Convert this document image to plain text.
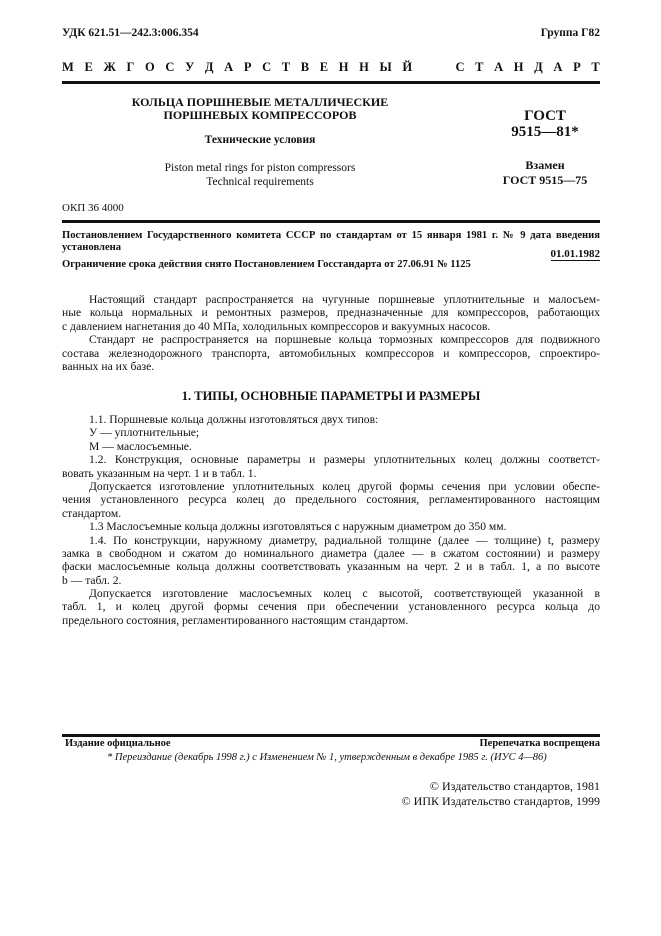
УДК 621.51—242.3:006.354	Группа Г82
М Е Ж Г О С У Д А Р С Т В Е Н Н Ы Й	С Т А Н Д А Р Т
КОЛЬЦА ПОРШНЕВЫЕ МЕТАЛЛИЧЕСКИЕ
ПОРШНЕВЫХ КОМПРЕССОРОВ
Технические условия
Piston metal rings for piston compressors
Technical requirements
ГОСТ
9515—81*
Взамен
ГОСТ 9515—75
ОКП 36 4000
Постановлением Государственного комитета СССР по стандартам от 15 января 1981 г. № 9 дата введения
установлена
01.01.1982
Ограничение срока действия снято Постановлением Госстандарта от 27.06.91 № 1125
Настоящий стандарт распространяется на чугунные поршневые уплотнительные и малосъем-
ные кольца нормальных и ремонтных размеров, предназначенные для компрессоров, работающих
с давлением нагнетания до 40 МПа, холодильных компрессоров и вакуумных насосов.
Стандарт не распространяется на поршневые кольца тормозных компрессоров для подвижного
состава железнодорожного транспорта, автомобильных компрессоров и компрессоров, спроектиро-
ванных на их базе.
1. ТИПЫ, ОСНОВНЫЕ ПАРАМЕТРЫ И РАЗМЕРЫ
1.1. Поршневые кольца должны изготовляться двух типов:
У — уплотнительные;
М — маслосъемные.
1.2. Конструкция, основные параметры и размеры уплотнительных колец должны соответст-
вовать указанным на черт. 1 и в табл. 1.
Допускается изготовление уплотнительных колец другой формы сечения при условии обеспе-
чения установленного ресурса колец до предельного состояния, регламентированного настоящим
стандартом.
1.3 Маслосъемные кольца должны изготовляться с наружным диаметром до 350 мм.
1.4. По конструкции, наружному диаметру, радиальной толщине (далее — толщине) t, размеру
замка в свободном и сжатом до номинального диаметра (далее — в сжатом состоянии) и размеру
фаски маслосъемные кольца должны соответствовать указанным на черт. 2 и в табл. 1, а по высоте
b — табл. 2.
Допускается изготовление маслосъемных колец с высотой, соответствующей указанной в
табл. 1, и колец другой формы сечения при обеспечении установленного ресурса кольца до
предельного состояния, регламентированного настоящим стандартом.
Издание официальное	Перепечатка воспрещена
* Переиздание (декабрь 1998 г.) с Изменением № 1, утвержденным в декабре 1985 г. (ИУС 4—86)
© Издательство стандартов, 1981
© ИПК Издательство стандартов, 1999
